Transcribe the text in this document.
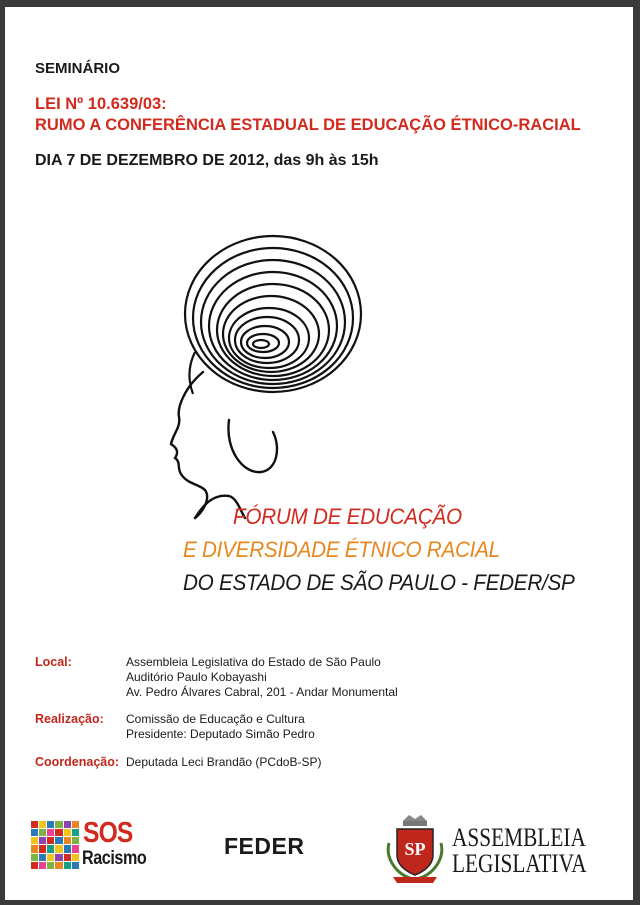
SEMINÁRIO
LEI Nº 10.639/03:
RUMO A CONFERÊNCIA ESTADUAL DE EDUCAÇÃO ÉTNICO-RACIAL
DIA 7 DE DEZEMBRO DE 2012, das 9h às 15h
FÓRUM DE EDUCAÇÃO
E DIVERSIDADE ÉTNICO RACIAL
DO ESTADO DE SÃO PAULO - FEDER/SP
Local:	Assembleia Legislativa do Estado de São Paulo
Auditório Paulo Kobayashi
Av. Pedro Álvares Cabral, 201 - Andar Monumental
Realização: Comissão de Educação e Cultura
Presidente: Deputado Simão Pedro
Coordenação: Deputada Leci Brandão (PCdoB-SP)
SOS
Racismo	FEDER	SP ASSEMBLEIA
LEGISLATIVA
